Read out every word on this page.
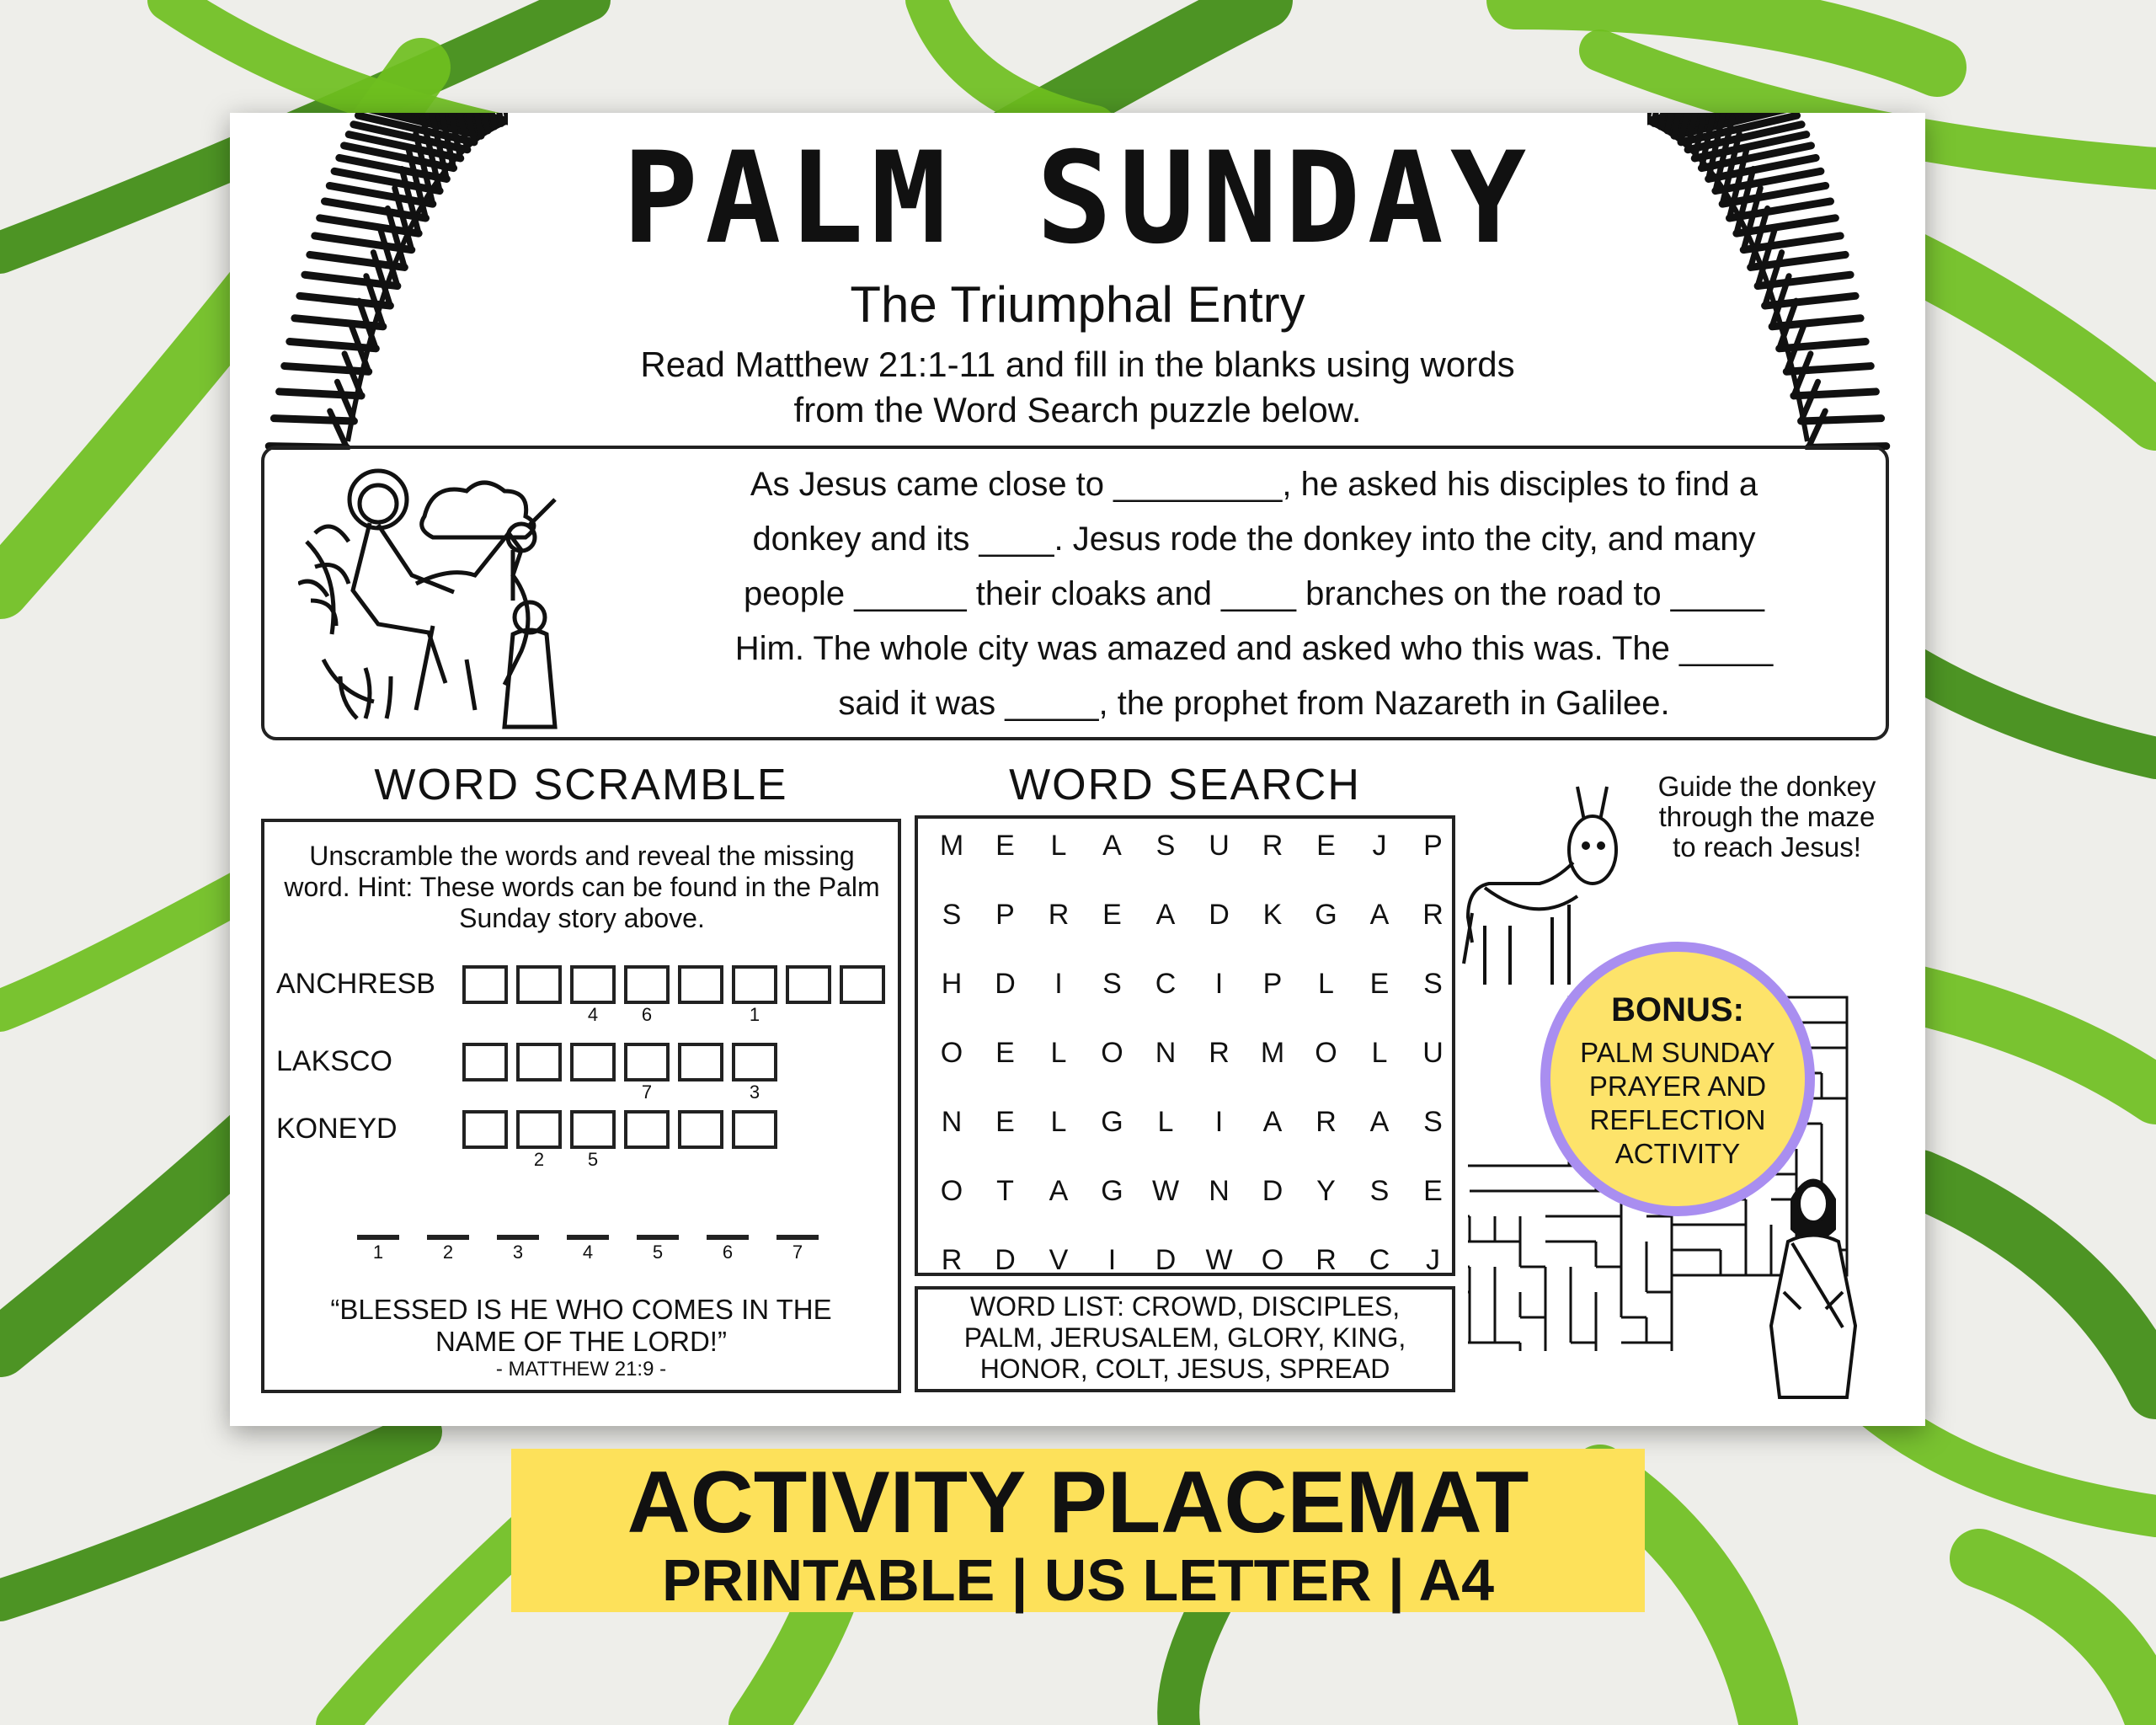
PALM SUNDAY
The Triumphal Entry
Read Matthew 21:1-11 and fill in the blanks using words
from the Word Search puzzle below.
As Jesus came close to _________, he asked his disciples to find a
donkey and its ____. Jesus rode the donkey into the city, and many
people ______ their cloaks and ____ branches on the road to _____
Him. The whole city was amazed and asked who this was. The _____
said it was _____, the prophet from Nazareth in Galilee.
WORD SCRAMBLE	WORD SEARCH
Unscramble the words and reveal the missing word. Hint: These words can be found in the Palm Sunday story above.
ANCHRESB
4	6	1
LAKSCO
7	3
KONEYD
2	5
1	2	3	4	5	6	7
“BLESSED IS HE WHO COMES IN THE
NAME OF THE LORD!”
- MATTHEW 21:9 -
M	E	L	A	S	U	R	E	J	P
S	P	R	E	A	D	K	G	A	R
H	D	I	S	C	I	P	L	E	S
O	E	L	O	N	R	M	O	L	U
N	E	L	G	L	I	A	R	A	S
O	T	A	G	W	N	D	Y	S	E
R	D	V	I	D	W	O	R	C	J
WORD LIST: CROWD, DISCIPLES,
PALM, JERUSALEM, GLORY, KING,
HONOR, COLT, JESUS, SPREAD
Guide the donkey
through the maze
to reach Jesus!
BONUS:
PALM SUNDAY
PRAYER AND
REFLECTION
ACTIVITY
ACTIVITY PLACEMAT
PRINTABLE | US LETTER | A4
